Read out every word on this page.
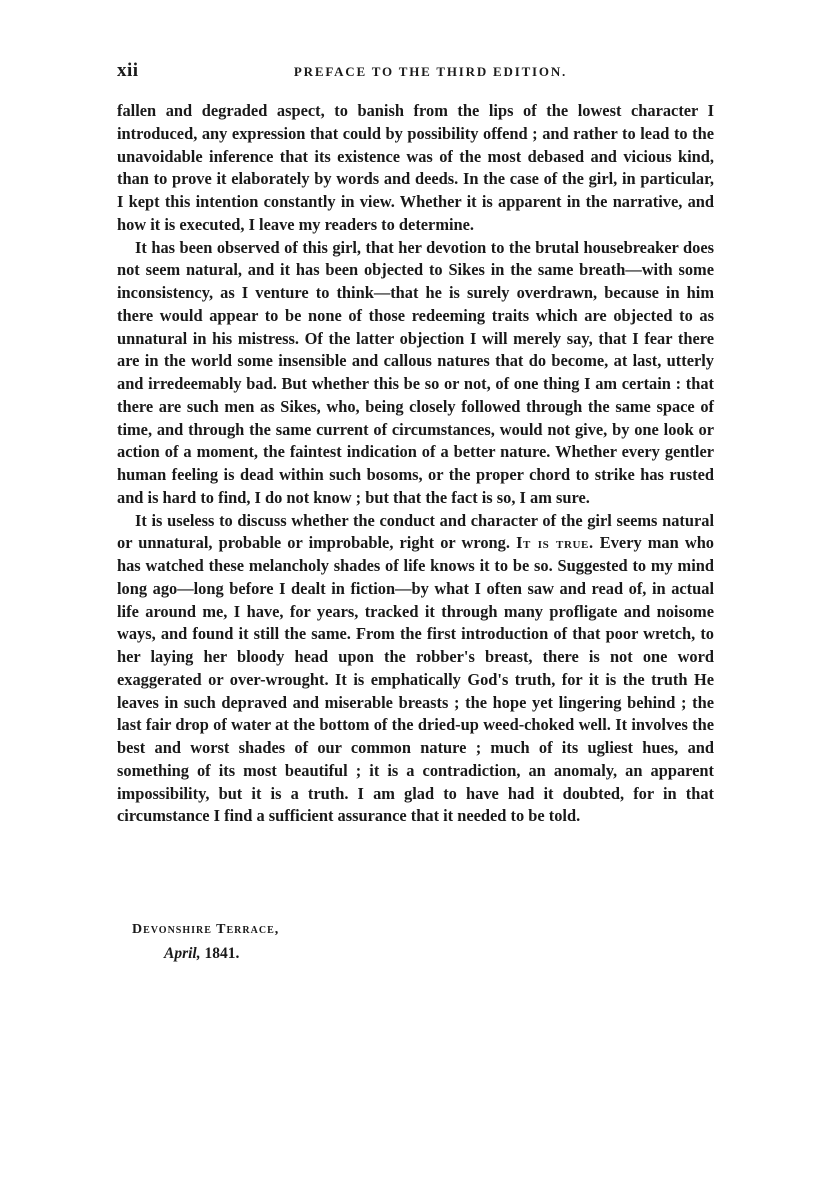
xii	PREFACE TO THE THIRD EDITION.

fallen and degraded aspect, to banish from the lips of the lowest character I introduced, any expression that could by possibility offend ; and rather to lead to the unavoidable inference that its existence was of the most debased and vicious kind, than to prove it elaborately by words and deeds. In the case of the girl, in particular, I kept this intention constantly in view. Whether it is apparent in the narrative, and how it is executed, I leave my readers to determine.

It has been observed of this girl, that her devotion to the brutal housebreaker does not seem natural, and it has been objected to Sikes in the same breath—with some inconsistency, as I venture to think—that he is surely overdrawn, because in him there would appear to be none of those redeeming traits which are objected to as unnatural in his mistress. Of the latter objection I will merely say, that I fear there are in the world some insensible and callous natures that do become, at last, utterly and irredeemably bad. But whether this be so or not, of one thing I am certain : that there are such men as Sikes, who, being closely followed through the same space of time, and through the same current of circumstances, would not give, by one look or action of a moment, the faintest indication of a better nature. Whether every gentler human feeling is dead within such bosoms, or the proper chord to strike has rusted and is hard to find, I do not know ; but that the fact is so, I am sure.

It is useless to discuss whether the conduct and character of the girl seems natural or unnatural, probable or improbable, right or wrong. It is true. Every man who has watched these melancholy shades of life knows it to be so. Suggested to my mind long ago—long before I dealt in fiction—by what I often saw and read of, in actual life around me, I have, for years, tracked it through many profligate and noisome ways, and found it still the same. From the first introduction of that poor wretch, to her laying her bloody head upon the robber's breast, there is not one word exaggerated or over-wrought. It is emphatically God's truth, for it is the truth He leaves in such depraved and miserable breasts ; the hope yet lingering behind ; the last fair drop of water at the bottom of the dried-up weed-choked well. It involves the best and worst shades of our common nature ; much of its ugliest hues, and something of its most beautiful ; it is a contradiction, an anomaly, an apparent impossibility, but it is a truth. I am glad to have had it doubted, for in that circumstance I find a sufficient assurance that it needed to be told.

Devonshire Terrace,
April, 1841.
